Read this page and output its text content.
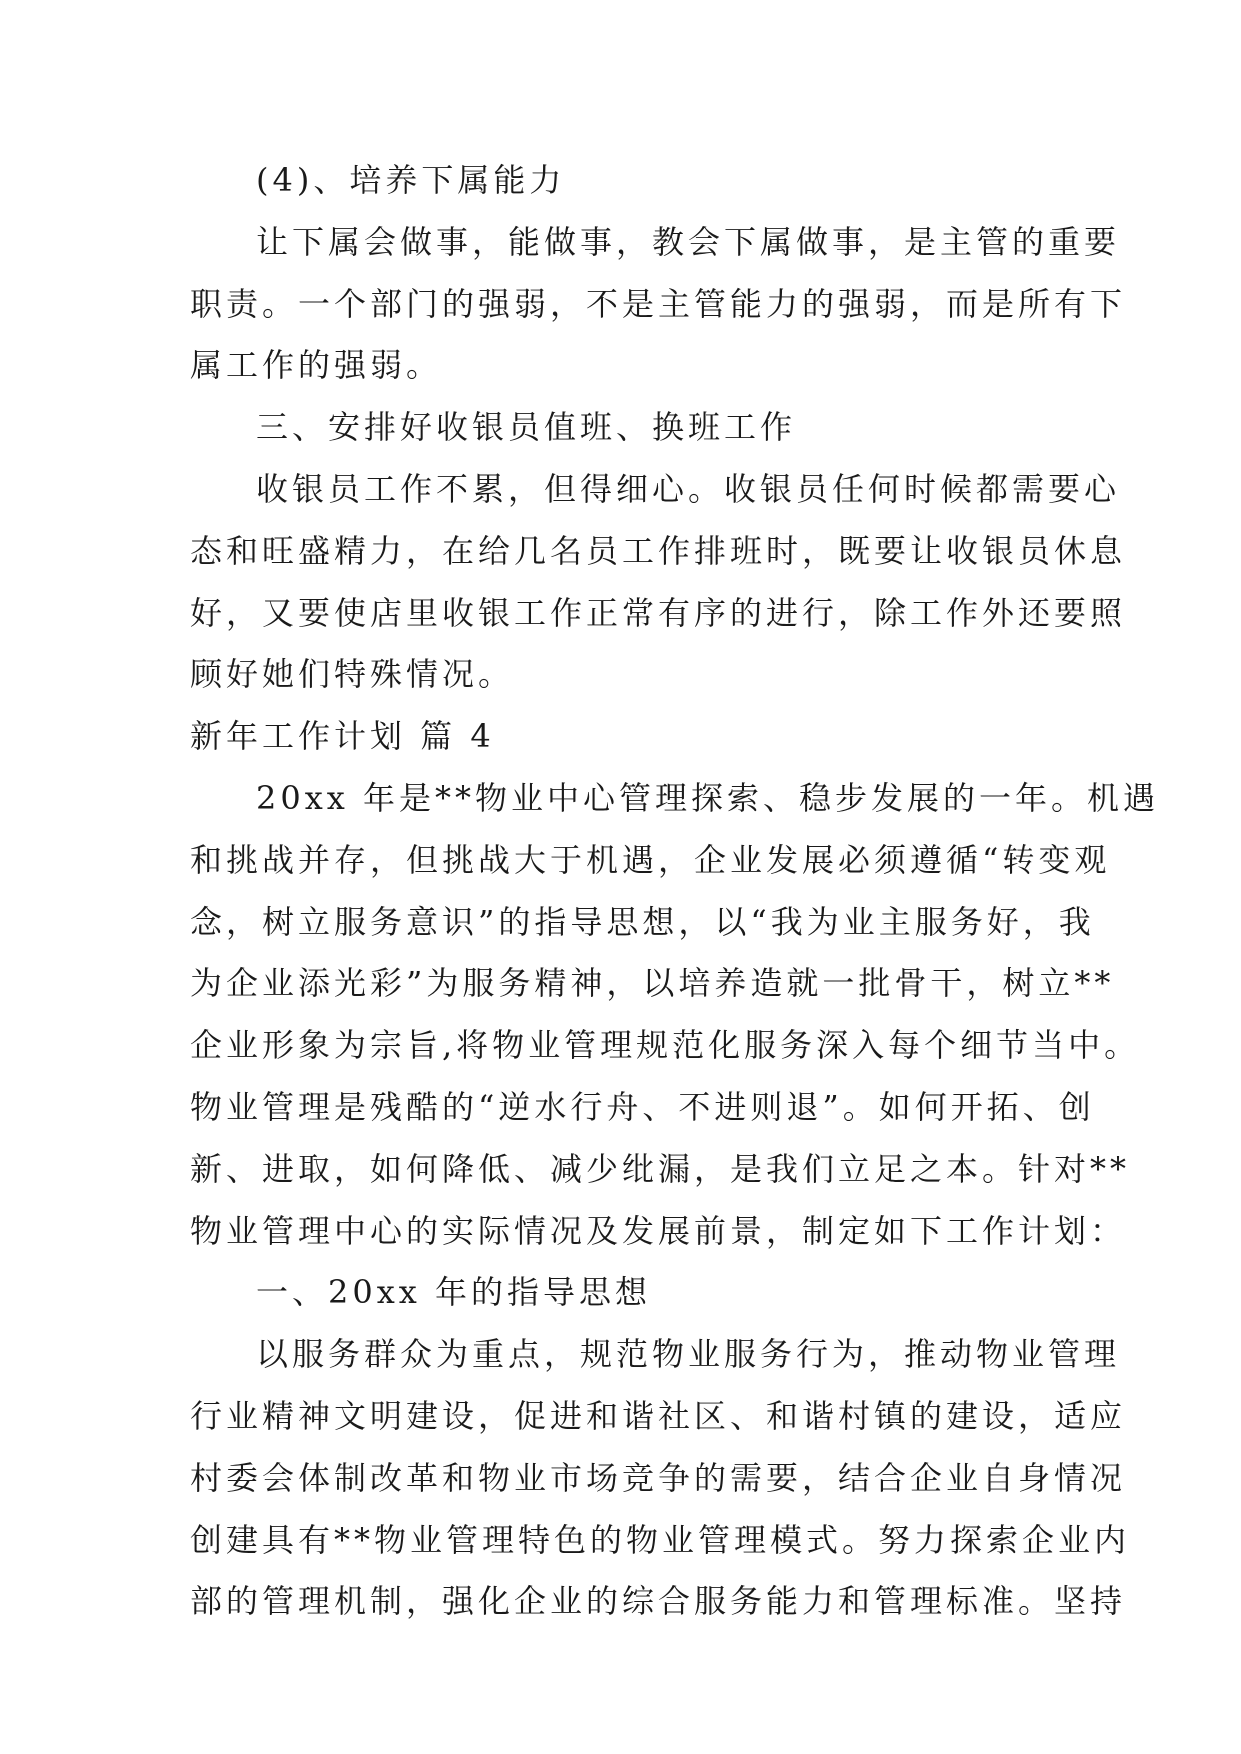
(4)、培养下属能力

让下属会做事，能做事，教会下属做事，是主管的重要

职责。一个部门的强弱，不是主管能力的强弱，而是所有下

属工作的强弱。

三、安排好收银员值班、换班工作

收银员工作不累，但得细心。收银员任何时候都需要心

态和旺盛精力，在给几名员工作排班时，既要让收银员休息

好，又要使店里收银工作正常有序的进行，除工作外还要照

顾好她们特殊情况。

新年工作计划 篇 4

20xx 年是**物业中心管理探索、稳步发展的一年。机遇

和挑战并存，但挑战大于机遇，企业发展必须遵循“转变观

念，树立服务意识”的指导思想，以“我为业主服务好，我

为企业添光彩”为服务精神，以培养造就一批骨干，树立**

企业形象为宗旨,将物业管理规范化服务深入每个细节当中。

物业管理是残酷的“逆水行舟、不进则退”。如何开拓、创

新、进取，如何降低、减少纰漏，是我们立足之本。针对**

物业管理中心的实际情况及发展前景，制定如下工作计划：

一、20xx 年的指导思想

以服务群众为重点，规范物业服务行为，推动物业管理

行业精神文明建设，促进和谐社区、和谐村镇的建设，适应

村委会体制改革和物业市场竞争的需要，结合企业自身情况

创建具有**物业管理特色的物业管理模式。努力探索企业内

部的管理机制，强化企业的综合服务能力和管理标准。坚持
